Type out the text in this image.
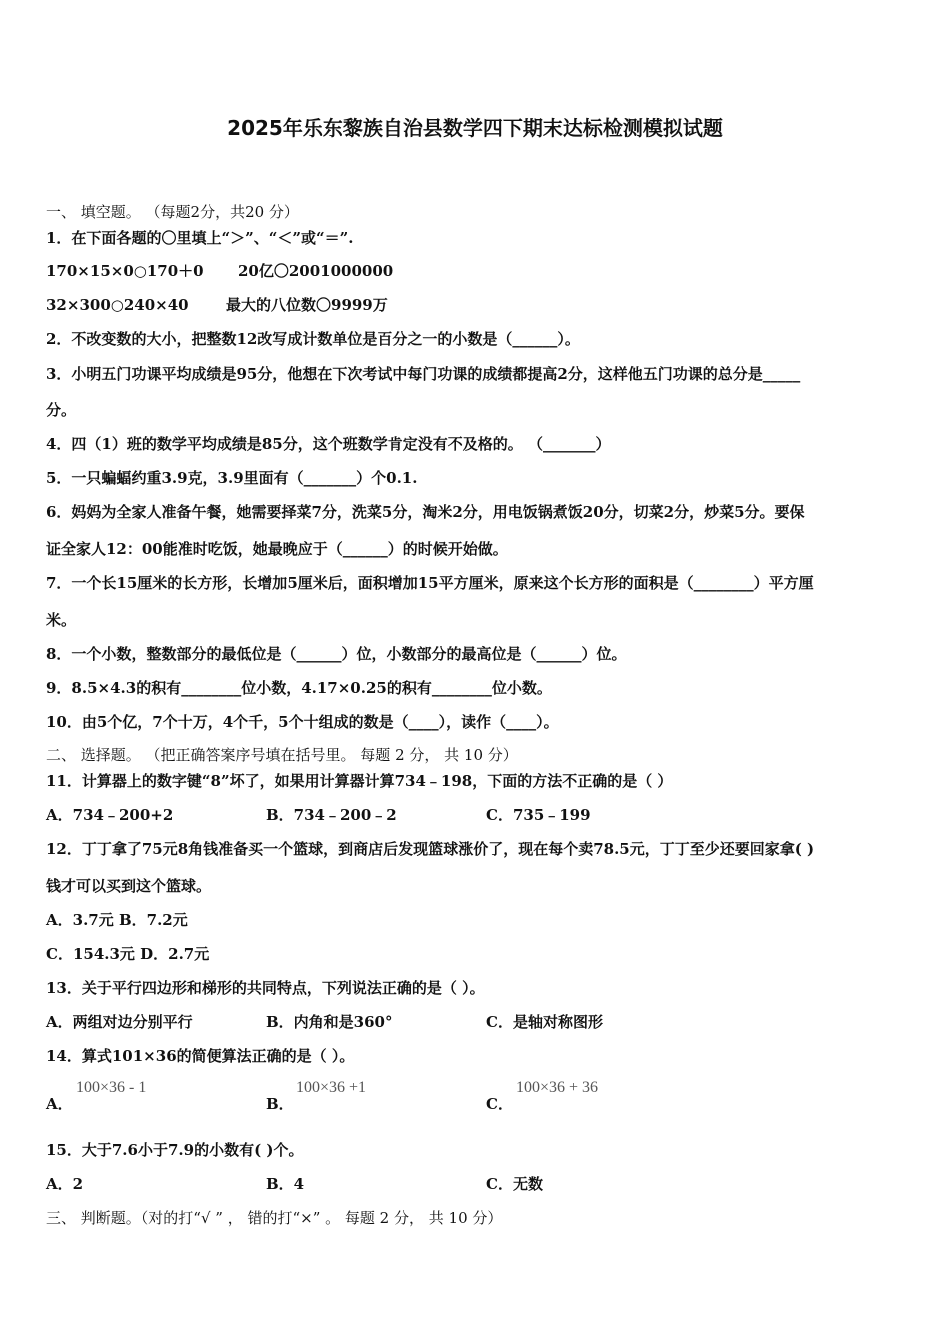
2025年乐东黎族自治县数学四下期末达标检测模拟试题
一、 填空题。 （每题2分，共20 分）
1．在下面各题的〇里填上“＞”、“＜”或“＝”.
170×15×0○170＋0 20亿〇2001000000
32×300○240×40 最大的八位数〇9999万
2．不改变数的大小，把整数12改写成计数单位是百分之一的小数是（______）。
3．小明五门功课平均成绩是95分，他想在下次考试中每门功课的成绩都提高2分，这样他五门功课的总分是_____
分。
4．四（1）班的数学平均成绩是85分，这个班数学肯定没有不及格的。 （_______）
5．一只蝙蝠约重3.9克，3.9里面有（_______）个0.1.
6．妈妈为全家人准备午餐，她需要择菜7分，洗菜5分，淘米2分，用电饭锅煮饭20分，切菜2分，炒菜5分。要保
证全家人12：00能准时吃饭，她最晚应于（______）的时候开始做。
7．一个长15厘米的长方形，长增加5厘米后，面积增加15平方厘米，原来这个长方形的面积是（________）平方厘
米。
8．一个小数，整数部分的最低位是（______）位，小数部分的最高位是（______）位。
9．8.5×4.3的积有________位小数，4.17×0.25的积有________位小数。
10．由5个亿，7个十万，4个千，5个十组成的数是（____），读作（____）。
二、 选择题。 （把正确答案序号填在括号里。 每题 2 分， 共 10 分）
11．计算器上的数字键“8”坏了，如果用计算器计算734﹣198，下面的方法不正确的是（ ）
A．734﹣200+2	B．734﹣200﹣2	C．735﹣199
12．丁丁拿了75元8角钱准备买一个篮球，到商店后发现篮球涨价了，现在每个卖78.5元，丁丁至少还要回家拿( )
钱才可以买到这个篮球。
A．3.7元 B．7.2元
C．154.3元 D．2.7元
13．关于平行四边形和梯形的共同特点，下列说法正确的是（ ）。
A．两组对边分别平行	B．内角和是360°	C．是轴对称图形
14．算式101×36的简便算法正确的是（ ）。
A．
100×36 - 1
B．
100×36 +1
C．
100×36 + 36
15．大于7.6小于7.9的小数有( )个。
A．2	B．4	C．无数
三、 判断题。（对的打“√ ” ， 错的打“×” 。 每题 2 分， 共 10 分）
